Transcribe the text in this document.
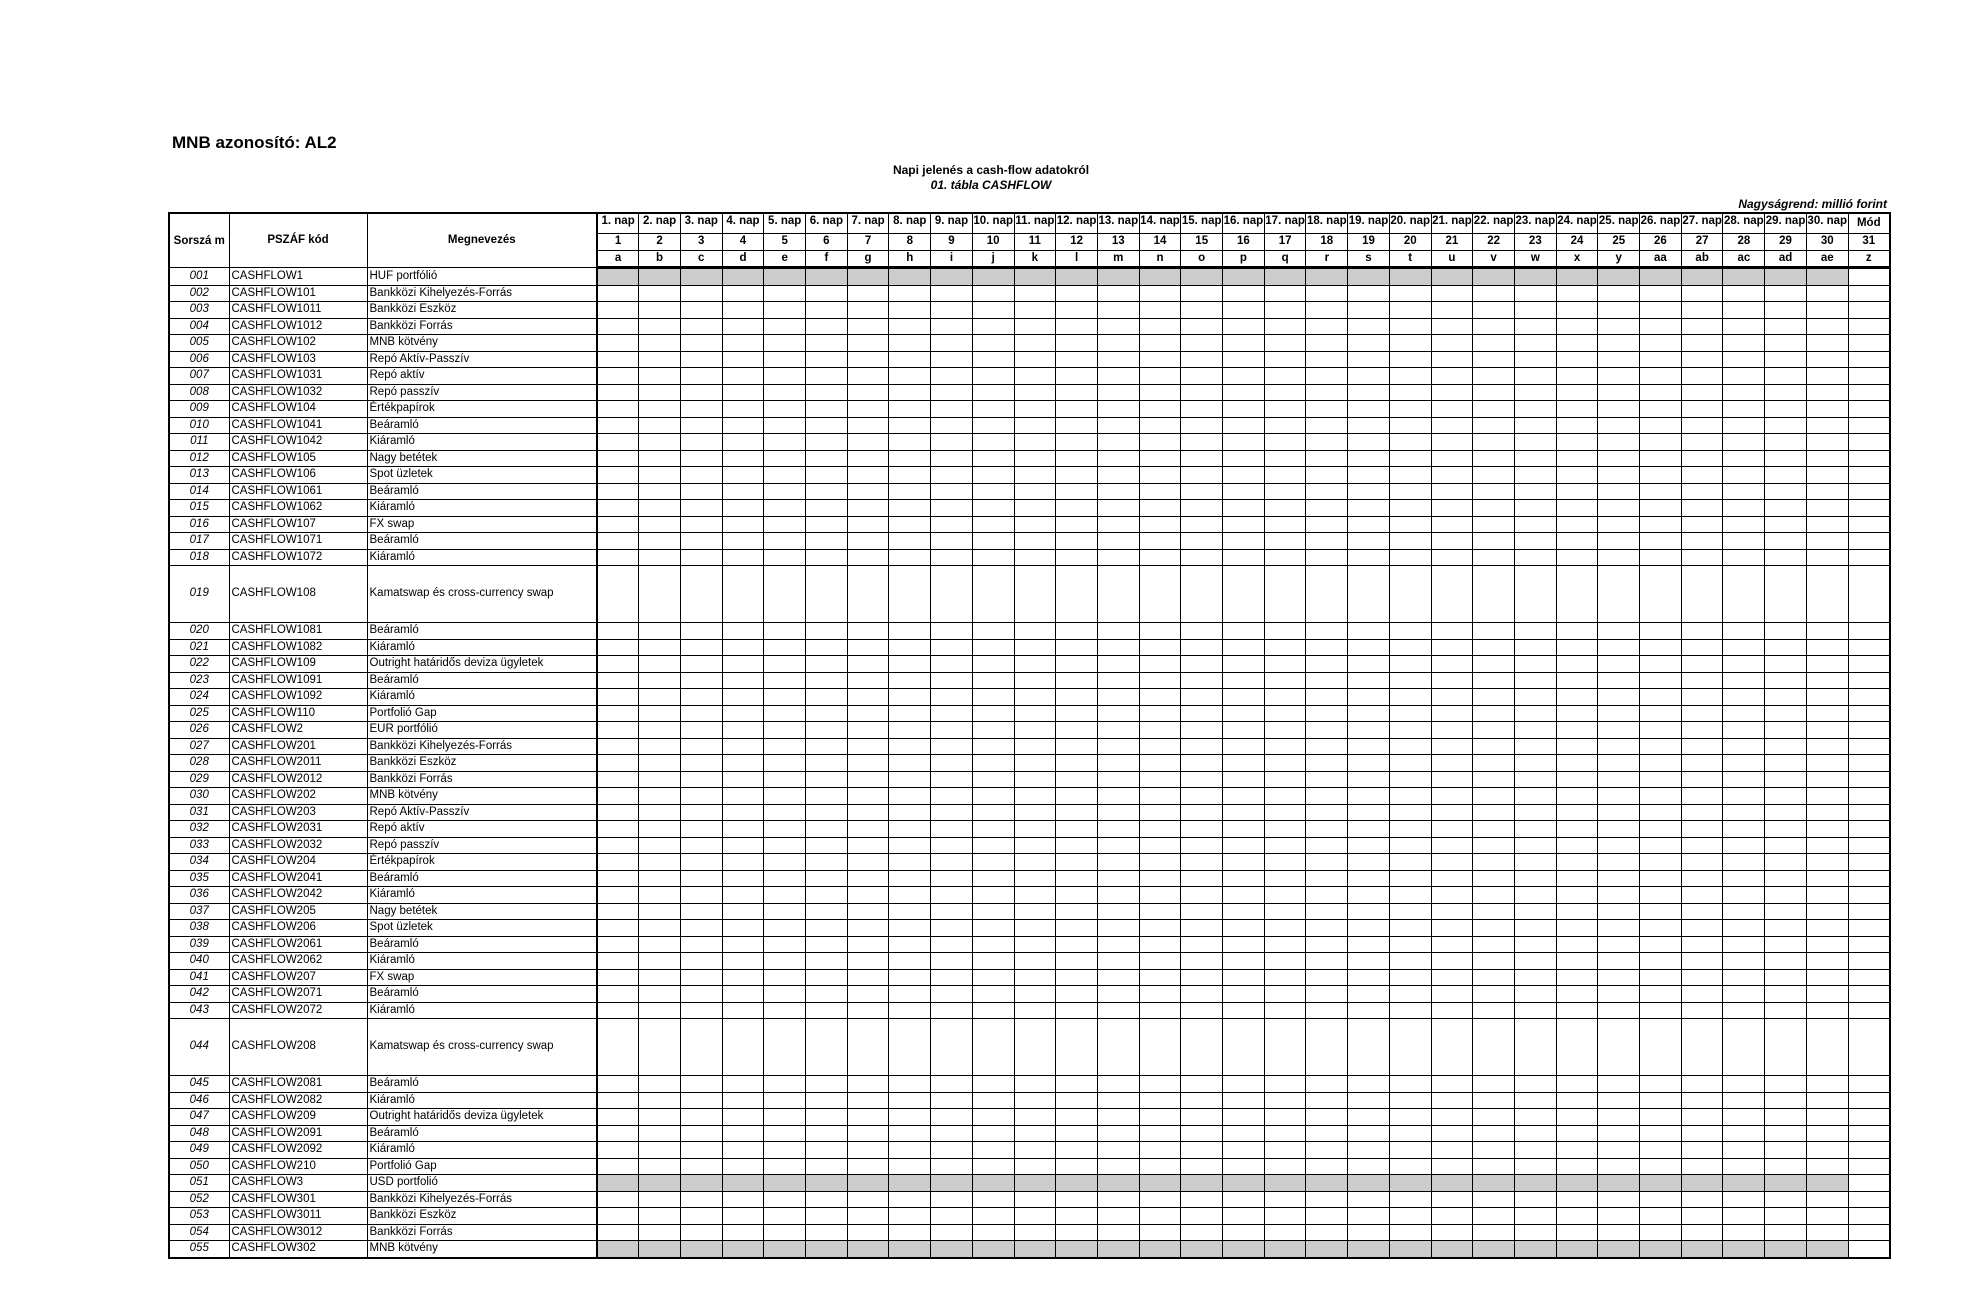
MNB azonosító: AL2
Napi jelenés a cash-flow adatokról
01. tábla CASHFLOW
Nagyságrend: millió forint
Sorszá m	PSZÁF kód	Megnevezés	1. nap	2. nap	3. nap	4. nap	5. nap	6. nap	7. nap	8. nap	9. nap	10. nap	11. nap	12. nap	13. nap	14. nap	15. nap	16. nap	17. nap	18. nap	19. nap	20. nap	21. nap	22. nap	23. nap	24. nap	25. nap	26. nap	27. nap	28. nap	29. nap	30. nap	Mód
			1	2	3	4	5	6	7	8	9	10	11	12	13	14	15	16	17	18	19	20	21	22	23	24	25	26	27	28	29	30	31
			a	b	c	d	e	f	g	h	i	j	k	l	m	n	o	p	q	r	s	t	u	v	w	x	y	aa	ab	ac	ad	ae	z
001	CASHFLOW1	HUF portfólió																															
002	CASHFLOW101	Bankközi Kihelyezés-Forrás																															
003	CASHFLOW1011	Bankközi Eszköz																															
004	CASHFLOW1012	Bankközi Forrás																															
005	CASHFLOW102	MNB kötvény																															
006	CASHFLOW103	Repó Aktív-Passzív																															
007	CASHFLOW1031	Repó aktív																															
008	CASHFLOW1032	Repó passzív																															
009	CASHFLOW104	Értékpapírok																															
010	CASHFLOW1041	Beáramló																															
011	CASHFLOW1042	Kiáramló																															
012	CASHFLOW105	Nagy betétek																															
013	CASHFLOW106	Spot üzletek																															
014	CASHFLOW1061	Beáramló																															
015	CASHFLOW1062	Kiáramló																															
016	CASHFLOW107	FX swap																															
017	CASHFLOW1071	Beáramló																															
018	CASHFLOW1072	Kiáramló																															
019	CASHFLOW108	Kamatswap és cross-currency swap																															
020	CASHFLOW1081	Beáramló																															
021	CASHFLOW1082	Kiáramló																															
022	CASHFLOW109	Outright határidős deviza ügyletek																															
023	CASHFLOW1091	Beáramló																															
024	CASHFLOW1092	Kiáramló																															
025	CASHFLOW110	Portfolió Gap																															
026	CASHFLOW2	EUR portfólió																															
027	CASHFLOW201	Bankközi Kihelyezés-Forrás																															
028	CASHFLOW2011	Bankközi Eszköz																															
029	CASHFLOW2012	Bankközi Forrás																															
030	CASHFLOW202	MNB kötvény																															
031	CASHFLOW203	Repó Aktív-Passzív																															
032	CASHFLOW2031	Repó aktív																															
033	CASHFLOW2032	Repó passzív																															
034	CASHFLOW204	Értékpapírok																															
035	CASHFLOW2041	Beáramló																															
036	CASHFLOW2042	Kiáramló																															
037	CASHFLOW205	Nagy betétek																															
038	CASHFLOW206	Spot üzletek																															
039	CASHFLOW2061	Beáramló																															
040	CASHFLOW2062	Kiáramló																															
041	CASHFLOW207	FX swap																															
042	CASHFLOW2071	Beáramló																															
043	CASHFLOW2072	Kiáramló																															
044	CASHFLOW208	Kamatswap és cross-currency swap																															
045	CASHFLOW2081	Beáramló																															
046	CASHFLOW2082	Kiáramló																															
047	CASHFLOW209	Outright határidős deviza ügyletek																															
048	CASHFLOW2091	Beáramló																															
049	CASHFLOW2092	Kiáramló																															
050	CASHFLOW210	Portfolió Gap																															
051	CASHFLOW3	USD portfolió																															
052	CASHFLOW301	Bankközi Kihelyezés-Forrás																															
053	CASHFLOW3011	Bankközi Eszköz																															
054	CASHFLOW3012	Bankközi Forrás																															
055	CASHFLOW302	MNB kötvény																															
